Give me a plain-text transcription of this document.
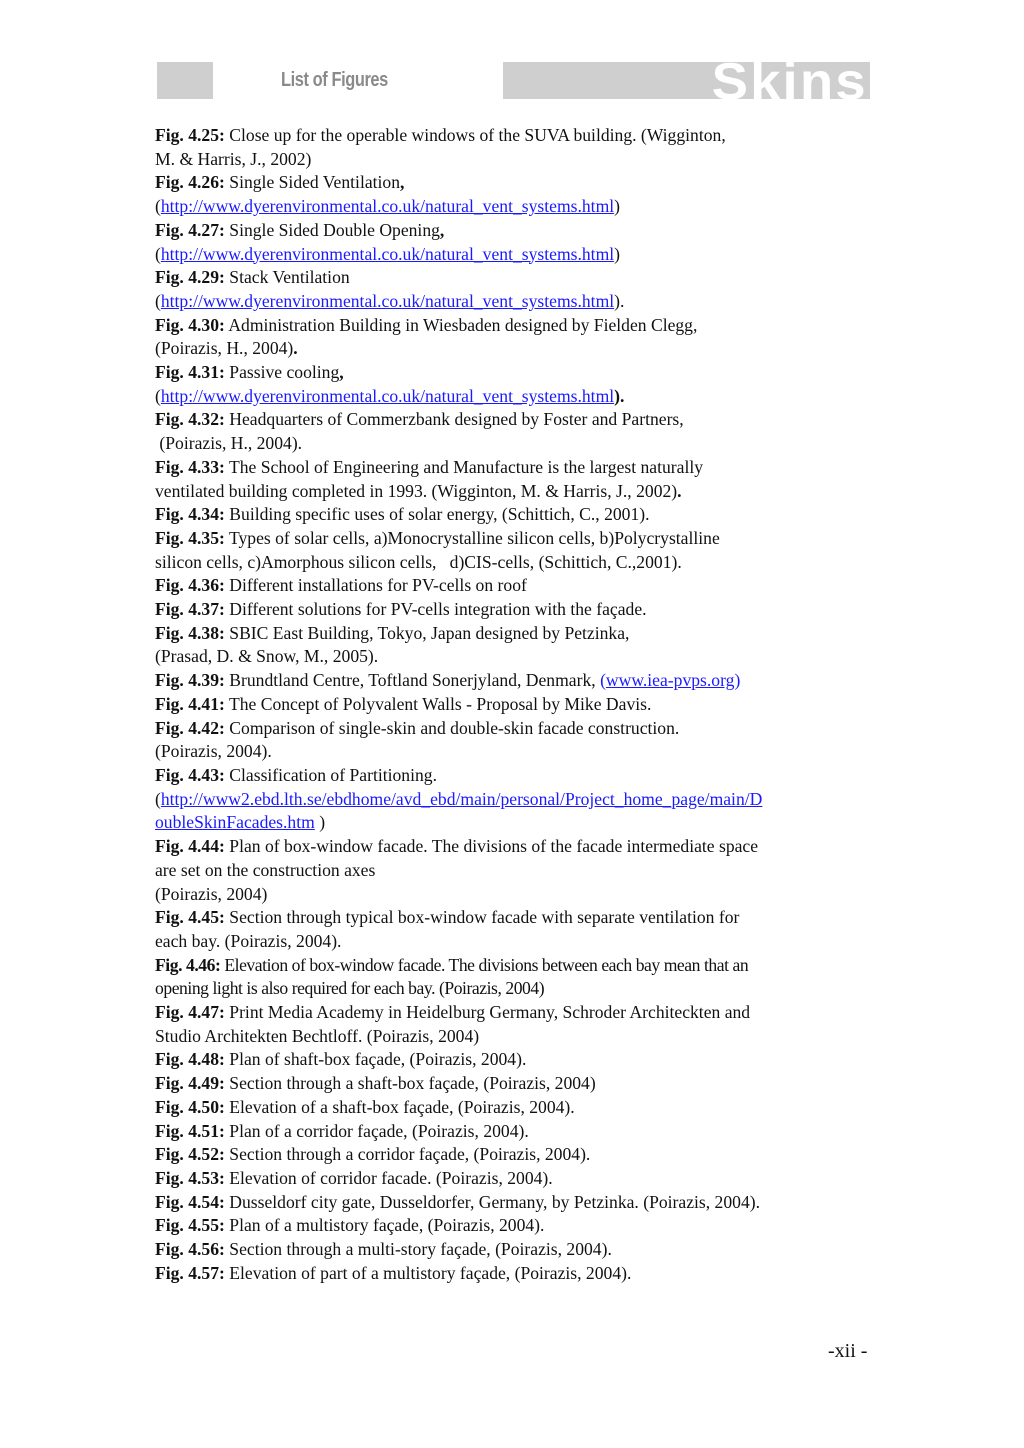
List of Figures	Skins
Fig. 4.25: Close up for the operable windows of the SUVA building. (Wigginton,
M. & Harris, J., 2002)
Fig. 4.26: Single Sided Ventilation,
(http://www.dyerenvironmental.co.uk/natural_vent_systems.html)
Fig. 4.27: Single Sided Double Opening,
(http://www.dyerenvironmental.co.uk/natural_vent_systems.html)
Fig. 4.29: Stack Ventilation
(http://www.dyerenvironmental.co.uk/natural_vent_systems.html).
Fig. 4.30: Administration Building in Wiesbaden designed by Fielden Clegg,
(Poirazis, H., 2004).
Fig. 4.31: Passive cooling,
(http://www.dyerenvironmental.co.uk/natural_vent_systems.html).
Fig. 4.32: Headquarters of Commerzbank designed by Foster and Partners,
(Poirazis, H., 2004).
Fig. 4.33: The School of Engineering and Manufacture is the largest naturally
ventilated building completed in 1993. (Wigginton, M. & Harris, J., 2002).
Fig. 4.34: Building specific uses of solar energy, (Schittich, C., 2001).
Fig. 4.35: Types of solar cells, a)Monocrystalline silicon cells, b)Polycrystalline
silicon cells, c)Amorphous silicon cells,   d)CIS-cells, (Schittich, C.,2001).
Fig. 4.36: Different installations for PV-cells on roof
Fig. 4.37: Different solutions for PV-cells integration with the façade.
Fig. 4.38: SBIC East Building, Tokyo, Japan designed by Petzinka,
(Prasad, D. & Snow, M., 2005).
Fig. 4.39: Brundtland Centre, Toftland Sonerjyland, Denmark, (www.iea-pvps.org)
Fig. 4.41: The Concept of Polyvalent Walls - Proposal by Mike Davis.
Fig. 4.42: Comparison of single-skin and double-skin facade construction.
(Poirazis, 2004).
Fig. 4.43: Classification of Partitioning.
(http://www2.ebd.lth.se/ebdhome/avd_ebd/main/personal/Project_home_page/main/D
oubleSkinFacades.htm )
Fig. 4.44: Plan of box-window facade. The divisions of the facade intermediate space
are set on the construction axes
(Poirazis, 2004)
Fig. 4.45: Section through typical box-window facade with separate ventilation for
each bay. (Poirazis, 2004).
Fig. 4.46: Elevation of box-window facade. The divisions between each bay mean that an
opening light is also required for each bay. (Poirazis, 2004)
Fig. 4.47: Print Media Academy in Heidelburg Germany, Schroder Architeckten and
Studio Architekten Bechtloff. (Poirazis, 2004)
Fig. 4.48: Plan of shaft-box façade, (Poirazis, 2004).
Fig. 4.49: Section through a shaft-box façade, (Poirazis, 2004)
Fig. 4.50: Elevation of a shaft-box façade, (Poirazis, 2004).
Fig. 4.51: Plan of a corridor façade, (Poirazis, 2004).
Fig. 4.52: Section through a corridor façade, (Poirazis, 2004).
Fig. 4.53: Elevation of corridor facade. (Poirazis, 2004).
Fig. 4.54: Dusseldorf city gate, Dusseldorfer, Germany, by Petzinka. (Poirazis, 2004).
Fig. 4.55: Plan of a multistory façade, (Poirazis, 2004).
Fig. 4.56: Section through a multi-story façade, (Poirazis, 2004).
Fig. 4.57: Elevation of part of a multistory façade, (Poirazis, 2004).
-xii -
